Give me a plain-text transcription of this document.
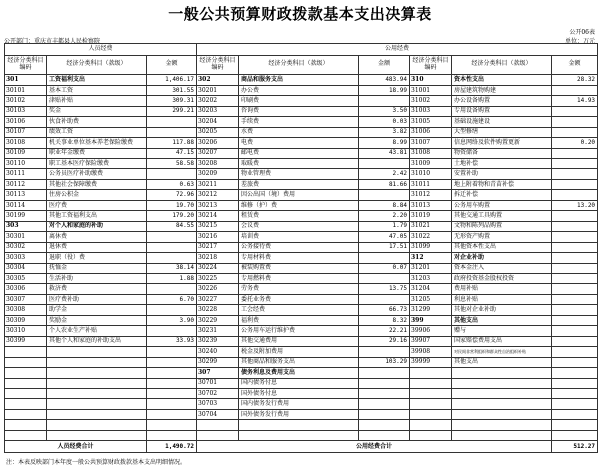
一般公共预算财政拨款基本支出决算表
公开06表
公开部门：重庆市丰都县人民检察院	单位：万元
人员经费			公用经费					
经济分类科目编码	经济分类科目（款级）	金额	经济分类科目编码	经济分类科目（款级）	金额	经济分类科目编码	经济分类科目（款级）	金额
301	工资福利支出	1,406.17	302	商品和服务支出	483.94	310	资本性支出	28.32
30101	基本工资	301.55	30201	办公费	18.99	31001	房屋建筑物购建	
30102	津贴补贴	309.31	30202	印刷费		31002	办公设备购置	14.93
30103	奖金	299.21	30203	咨询费	3.50	31003	专用设备购置	
30106	伙食补助费		30204	手续费	0.03	31005	基础设施建设	
30107	绩效工资		30205	水费	3.82	31006	大型修缮	
30108	机关事业单位基本养老保险缴费	117.88	30206	电费	8.99	31007	信息网络及软件购置更新	0.20
30109	职业年金缴费	47.15	30207	邮电费	43.81	31008	物资储备	
30110	职工基本医疗保险缴费	58.58	30208	取暖费		31009	土地补偿	
30111	公务员医疗补助缴费		30209	物业管理费	2.42	31010	安置补助	
30112	其他社会保障缴费	0.63	30211	差旅费	81.66	31011	地上附着物和青苗补偿	
30113	住房公积金	72.96	30212	因公出国（境）费用		31012	拆迁补偿	
30114	医疗费	19.70	30213	维修（护）费	8.84	31013	公务用车购置	13.20
30199	其他工资福利支出	179.20	30214	租赁费	2.20	31019	其他交通工具购置	
303	对个人和家庭的补助	84.55	30215	会议费	1.79	31021	文物和陈列品购置	
30301	离休费		30216	培训费	47.05	31022	无形资产购置	
30302	退休费		30217	公务接待费	17.51	31099	其他资本性支出	
30303	退职（役）费		30218	专用材料费		312	对企业补助	
30304	抚恤金	38.14	30224	被装购置费	0.07	31201	资本金注入	
30305	生活补助	1.88	30225	专用燃料费		31203	政府投资基金股权投资	
30306	救济费		30226	劳务费	13.75	31204	费用补贴	
30307	医疗费补助	6.70	30227	委托业务费		31205	利息补贴	
30308	助学金		30228	工会经费	66.73	31299	其他对企业补助	
30309	奖励金	3.90	30229	福利费	8.32	399	其他支出	
30310	个人农业生产补贴		30231	公务用车运行维护费	22.21	39906	赠与	
30399	其他个人和家庭的补助支出	33.93	30239	其他交通费用	29.16	39907	国家赔偿费用支出	
			30240	税金及附加费用		39908	对民间非营利组织和群众性自治组织补贴	
			30299	其他商品和服务支出	103.29	39999	其他支出	
			307	债务利息及费用支出				
			30701	国内债务付息				
			30702	国外债务付息				
			30703	国内债务发行费用				
			30704	国外债务发行费用				

人员经费合计		1,490.72	公用经费合计					512.27
注：本表反映部门本年度一般公共预算财政拨款基本支出明细情况。
